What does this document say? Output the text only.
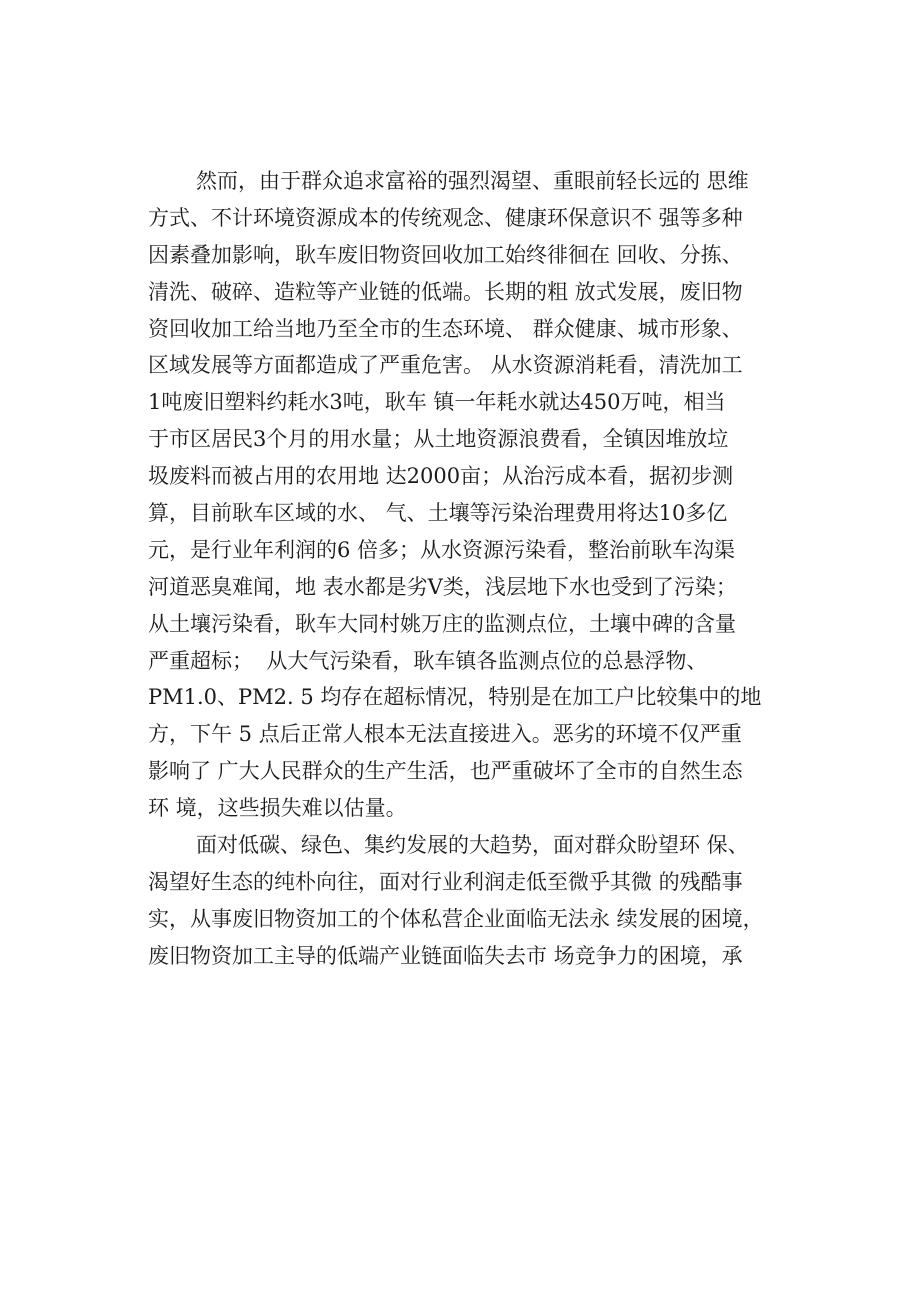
然而，由于群众追求富裕的强烈渴望、重眼前轻长远的 思维
方式、不计环境资源成本的传统观念、健康环保意识不 强等多种
因素叠加影响，耿车废旧物资回收加工始终徘徊在 回收、分拣、
清洗、破碎、造粒等产业链的低端。长期的粗 放式发展，废旧物
资回收加工给当地乃至全市的生态环境、 群众健康、城市形象、
区域发展等方面都造成了严重危害。 从水资源消耗看，清洗加工
1吨废旧塑料约耗水3吨，耿车 镇一年耗水就达450万吨，相当
于市区居民3个月的用水量；从土地资源浪费看，全镇因堆放垃
圾废料而被占用的农用地 达2000亩；从治污成本看，据初步测
算，目前耿车区域的水、 气、土壤等污染治理费用将达10多亿
元，是行业年利润的6 倍多；从水资源污染看，整治前耿车沟渠
河道恶臭难闻，地 表水都是劣Ⅴ类，浅层地下水也受到了污染；
从土壤污染看，耿车大同村姚万庄的监测点位，土壤中碑的含量
严重超标；  从大气污染看，耿车镇各监测点位的总悬浮物、
PM1.0、PM2. 5 均存在超标情况，特别是在加工户比较集中的地
方，下午 5 点后正常人根本无法直接进入。恶劣的环境不仅严重
影响了 广大人民群众的生产生活，也严重破坏了全市的自然生态
环 境，这些损失难以估量。
面对低碳、绿色、集约发展的大趋势，面对群众盼望环 保、
渴望好生态的纯朴向往，面对行业利润走低至微乎其微 的残酷事
实，从事废旧物资加工的个体私营企业面临无法永 续发展的困境，
废旧物资加工主导的低端产业链面临失去市 场竞争力的困境，承
